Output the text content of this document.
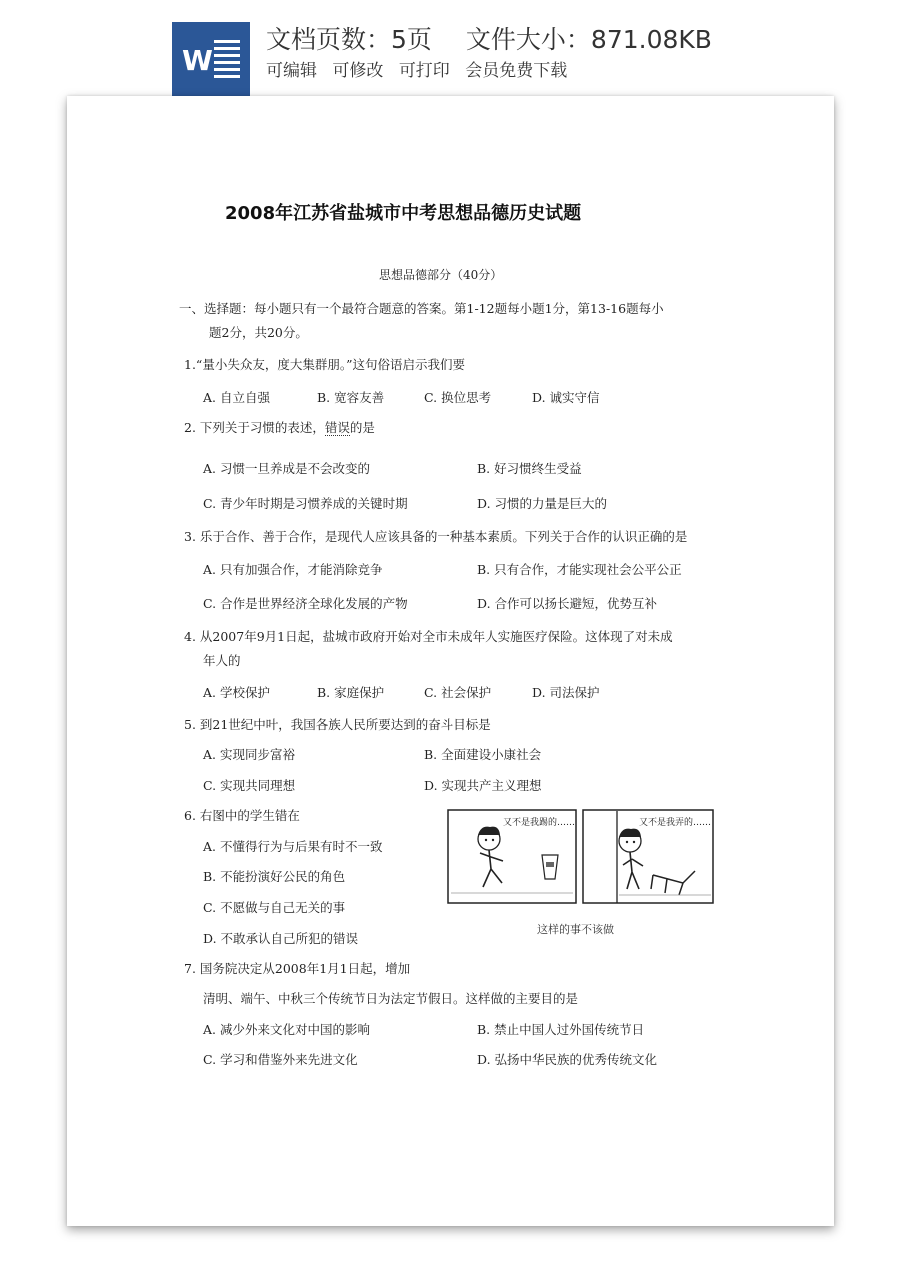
W
文档页数：5页 文件大小：871.08KB
可编辑 可修改 可打印 会员免费下载
2008年江苏省盐城市中考思想品德历史试题
思想品德部分（40分）
一、选择题：每小题只有一个最符合题意的答案。第1-12题每小题1分，第13-16题每小
题2分，共20分。
1.“量小失众友，度大集群朋。”这句俗语启示我们要
A. 自立自强	B. 宽容友善	C. 换位思考	D. 诚实守信
2. 下列关于习惯的表述，错误的是
A. 习惯一旦养成是不会改变的	B. 好习惯终生受益
C. 青少年时期是习惯养成的关键时期	D. 习惯的力量是巨大的
3. 乐于合作、善于合作，是现代人应该具备的一种基本素质。下列关于合作的认识正确的是
A. 只有加强合作，才能消除竞争	B. 只有合作，才能实现社会公平公正
C. 合作是世界经济全球化发展的产物	D. 合作可以扬长避短，优势互补
4. 从2007年9月1日起，盐城市政府开始对全市未成年人实施医疗保险。这体现了对未成
年人的
A. 学校保护	B. 家庭保护	C. 社会保护	D. 司法保护
5. 到21世纪中叶，我国各族人民所要达到的奋斗目标是
A. 实现同步富裕	B. 全面建设小康社会
C. 实现共同理想	D. 实现共产主义理想
6. 右图中的学生错在
A. 不懂得行为与后果有时不一致
B. 不能扮演好公民的角色
C. 不愿做与自己无关的事
D. 不敢承认自己所犯的错误
又不是我踢的……	又不是我弄的……
这样的事不该做
7. 国务院决定从2008年1月1日起，增加
清明、端午、中秋三个传统节日为法定节假日。这样做的主要目的是
A. 减少外来文化对中国的影响	B. 禁止中国人过外国传统节日
C. 学习和借鉴外来先进文化	D. 弘扬中华民族的优秀传统文化
